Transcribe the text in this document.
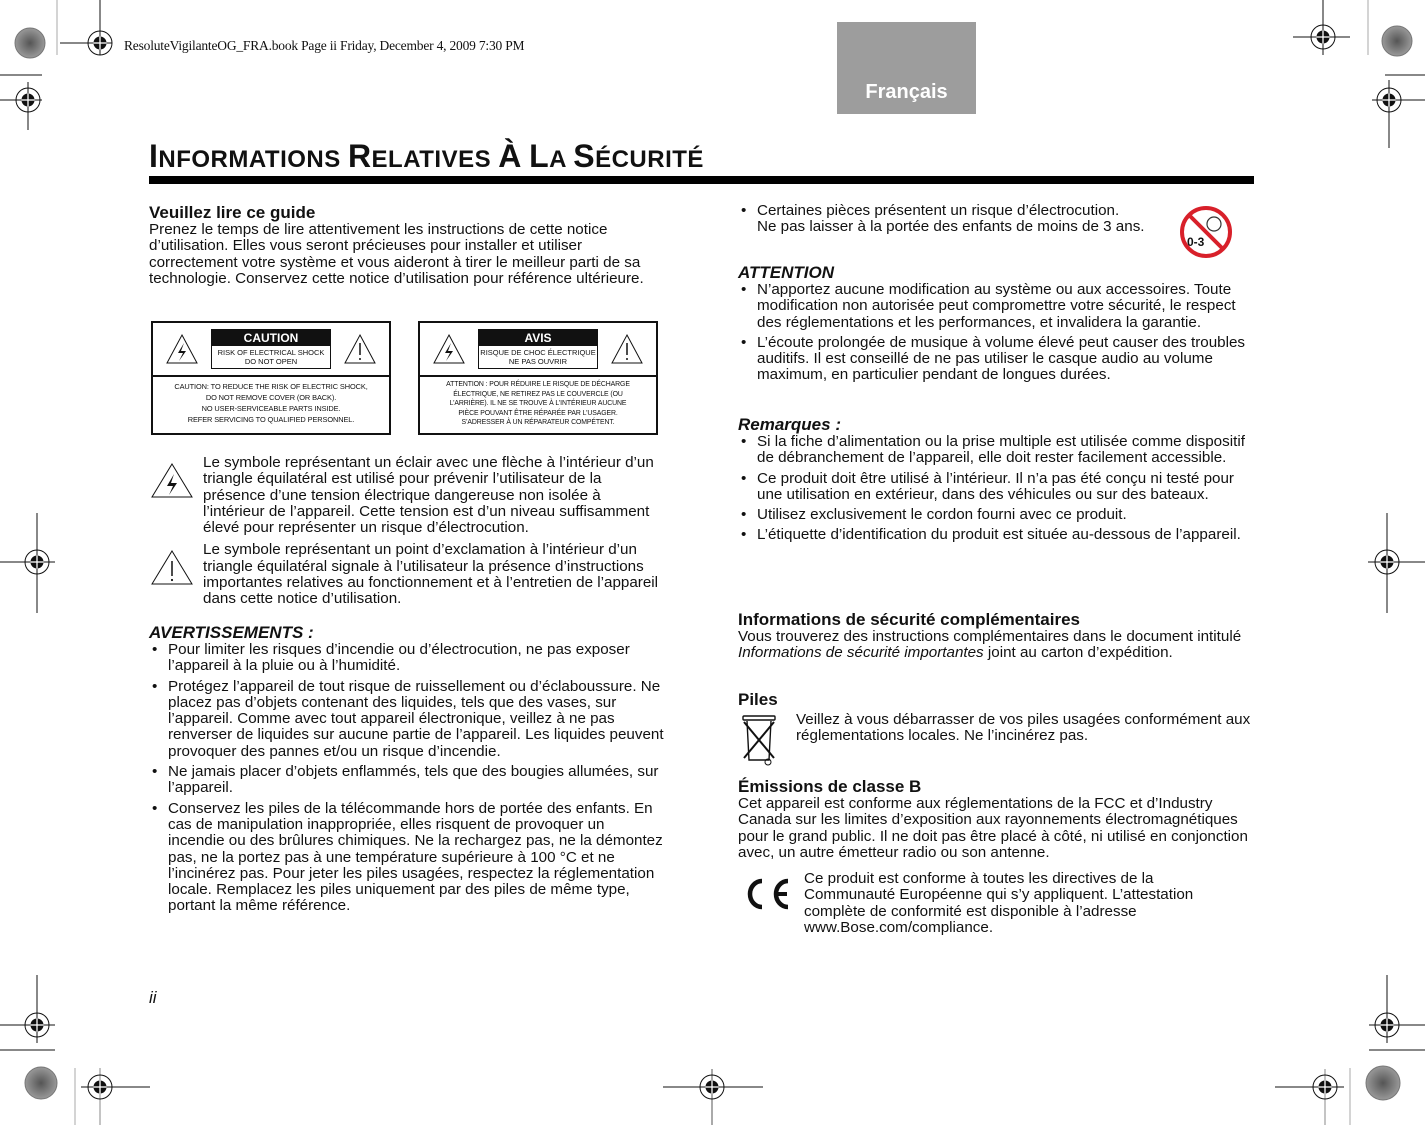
ResoluteVigilanteOG_FRA.book Page ii Friday, December 4, 2009 7:30 PM
Français
INFORMATIONS RELATIVES À LA SÉCURITÉ
Veuillez lire ce guide

Prenez le temps de lire attentivement les instructions de cette notice d’utilisation. Elles vous seront précieuses pour installer et utiliser correctement votre système et vous aideront à tirer le meilleur parti de sa technologie. Conservez cette notice d’utilisation pour référence ultérieure.

CAUTION
RISK OF ELECTRICAL SHOCK
DO NOT OPEN
CAUTION: TO REDUCE THE RISK OF ELECTRIC SHOCK,
DO NOT REMOVE COVER (OR BACK).
NO USER-SERVICEABLE PARTS INSIDE.
REFER SERVICING TO QUALIFIED PERSONNEL.
AVIS
RISQUE DE CHOC ÉLECTRIQUE
NE PAS OUVRIR
ATTENTION : POUR RÉDUIRE LE RISQUE DE DÉCHARGE
ÉLECTRIQUE, NE RETIREZ PAS LE COUVERCLE (OU
L’ARRIÈRE). IL NE SE TROUVE À L’INTÉRIEUR AUCUNE
PIÈCE POUVANT ÊTRE RÉPARÉE PAR L’USAGER.
S’ADRESSER À UN RÉPARATEUR COMPÉTENT.

Le symbole représentant un éclair avec une flèche à l’intérieur d’un triangle équilatéral est utilisé pour prévenir l’utilisateur de la présence d’une tension électrique dangereuse non isolée à l’intérieur de l’appareil. Cette tension est d’un niveau suffisamment élevé pour représenter un risque d’électrocution.

Le symbole représentant un point d’exclamation à l’intérieur d’un triangle équilatéral signale à l’utilisateur la présence d’instructions importantes relatives au fonctionnement et à l’entretien de l’appareil dans cette notice d’utilisation.

AVERTISSEMENTS :
• Pour limiter les risques d’incendie ou d’électrocution, ne pas exposer l’appareil à la pluie ou à l’humidité.
• Protégez l’appareil de tout risque de ruissellement ou d’éclaboussure. Ne placez pas d’objets contenant des liquides, tels que des vases, sur l’appareil. Comme avec tout appareil électronique, veillez à ne pas renverser de liquides sur aucune partie de l’appareil. Les liquides peuvent provoquer des pannes et/ou un risque d’incendie.
• Ne jamais placer d’objets enflammés, tels que des bougies allumées, sur l’appareil.
• Conservez les piles de la télécommande hors de portée des enfants. En cas de manipulation inappropriée, elles risquent de provoquer un incendie ou des brûlures chimiques. Ne la rechargez pas, ne la démontez pas, ne la portez pas à une température supérieure à 100 °C et ne l’incinérez pas. Pour jeter les piles usagées, respectez la réglementation locale. Remplacez les piles uniquement par des piles de même type, portant la même référence.
ii
• Certaines pièces présentent un risque d’électrocution.
Ne pas laisser à la portée des enfants de moins de 3 ans.
0-3
ATTENTION
• N’apportez aucune modification au système ou aux accessoires. Toute modification non autorisée peut compromettre votre sécurité, le respect des réglementations et les performances, et invalidera la garantie.
• L’écoute prolongée de musique à volume élevé peut causer des troubles auditifs. Il est conseillé de ne pas utiliser le casque audio au volume maximum, en particulier pendant de longues durées.
Remarques :
• Si la fiche d’alimentation ou la prise multiple est utilisée comme dispositif de débranchement de l’appareil, elle doit rester facilement accessible.
• Ce produit doit être utilisé à l’intérieur. Il n’a pas été conçu ni testé pour une utilisation en extérieur, dans des véhicules ou sur des bateaux.
• Utilisez exclusivement le cordon fourni avec ce produit.
• L’étiquette d’identification du produit est située au-dessous de l’appareil.
Informations de sécurité complémentaires

Vous trouverez des instructions complémentaires dans le document intitulé Informations de sécurité importantes joint au carton d’expédition.

Piles

Veillez à vous débarrasser de vos piles usagées conformément aux réglementations locales. Ne l’incinérez pas.

Émissions de classe B

Cet appareil est conforme aux réglementations de la FCC et d’Industry Canada sur les limites d’exposition aux rayonnements électromagnétiques pour le grand public. Il ne doit pas être placé à côté, ni utilisé en conjonction avec, un autre émetteur radio ou son antenne.

Ce produit est conforme à toutes les directives de la Communauté Européenne qui s’y appliquent. L’attestation complète de conformité est disponible à l’adresse www.Bose.com/compliance.
